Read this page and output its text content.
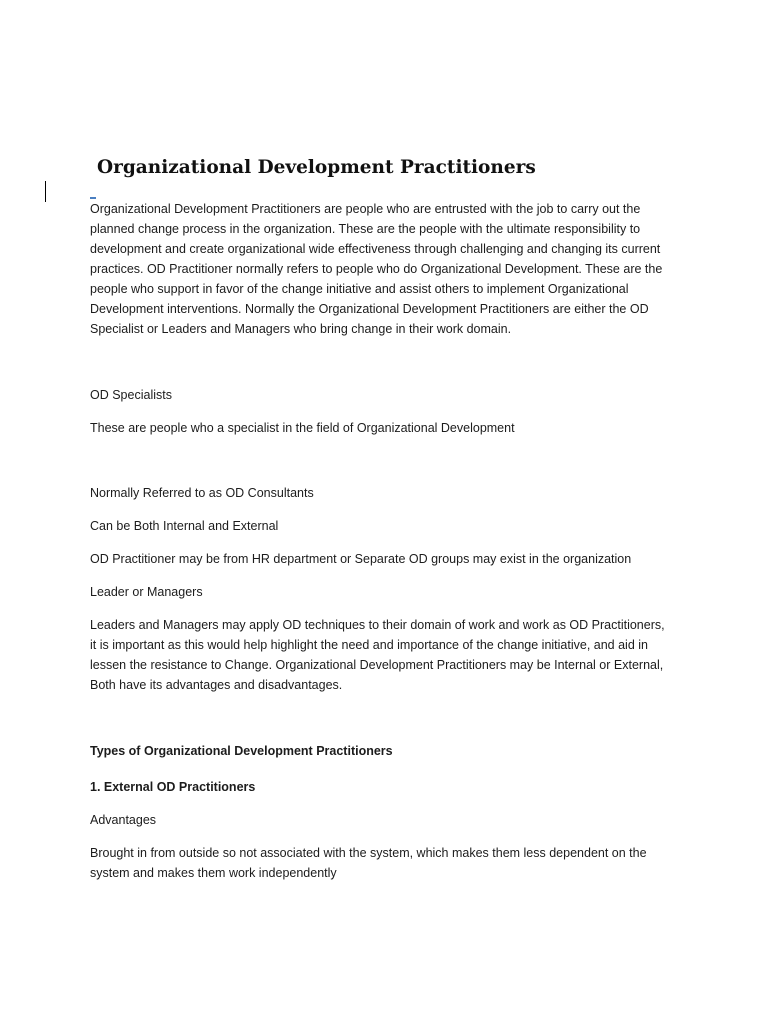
Organizational Development Practitioners

Organizational Development Practitioners are people who are entrusted with the job to carry out the

planned change process in the organization. These are the people with the ultimate responsibility to

development and create organizational wide effectiveness through challenging and changing its current

practices. OD Practitioner normally refers to people who do Organizational Development. These are the

people who support in favor of the change initiative and assist others to implement Organizational

Development interventions. Normally the Organizational Development Practitioners are either the OD

Specialist or Leaders and Managers who bring change in their work domain.

OD Specialists

These are people who a specialist in the field of Organizational Development

Normally Referred to as OD Consultants

Can be Both Internal and External

OD Practitioner may be from HR department or Separate OD groups may exist in the organization

Leader or Managers

Leaders and Managers may apply OD techniques to their domain of work and work as OD Practitioners,

it is important as this would help highlight the need and importance of the change initiative, and aid in

lessen the resistance to Change. Organizational Development Practitioners may be Internal or External,

Both have its advantages and disadvantages.

Types of Organizational Development Practitioners

1. External OD Practitioners

Advantages

Brought in from outside so not associated with the system, which makes them less dependent on the

system and makes them work independently
